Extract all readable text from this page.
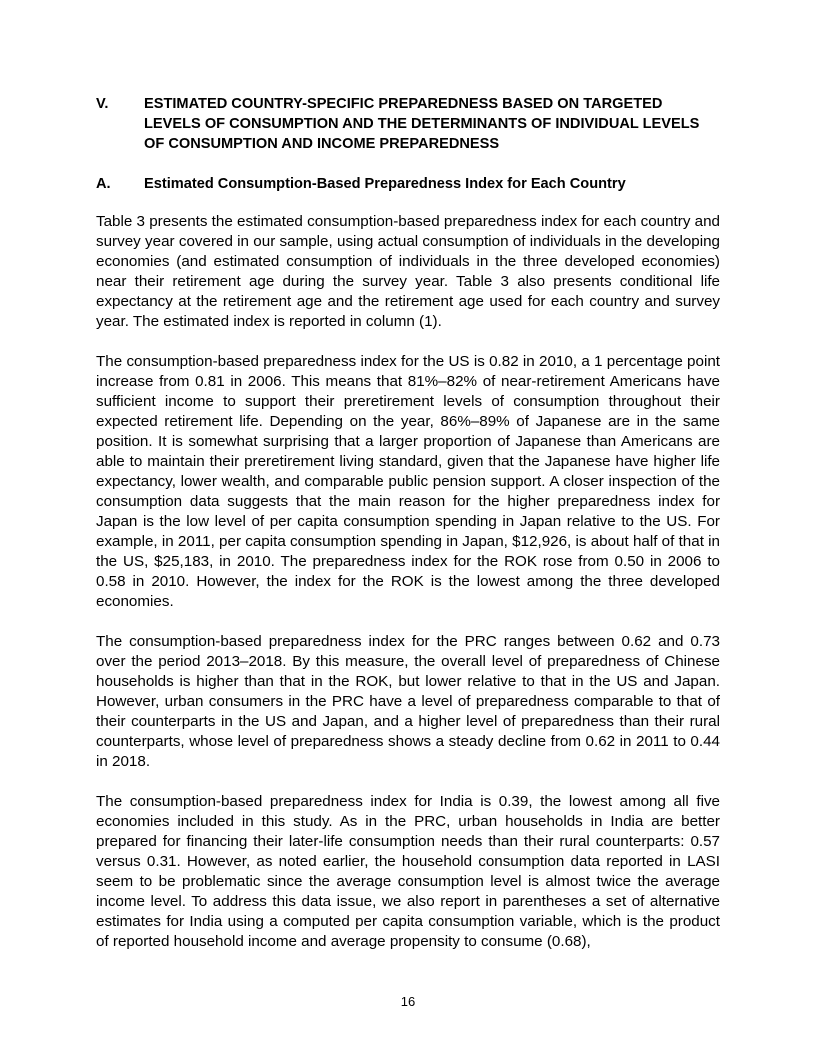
V.	ESTIMATED COUNTRY-SPECIFIC PREPAREDNESS BASED ON TARGETED LEVELS OF CONSUMPTION AND THE DETERMINANTS OF INDIVIDUAL LEVELS OF CONSUMPTION AND INCOME PREPAREDNESS
A.	Estimated Consumption-Based Preparedness Index for Each Country

Table 3 presents the estimated consumption-based preparedness index for each country and survey year covered in our sample, using actual consumption of individuals in the developing economies (and estimated consumption of individuals in the three developed economies) near their retirement age during the survey year. Table 3 also presents conditional life expectancy at the retirement age and the retirement age used for each country and survey year. The estimated index is reported in column (1).

The consumption-based preparedness index for the US is 0.82 in 2010, a 1 percentage point increase from 0.81 in 2006. This means that 81%–82% of near-retirement Americans have sufficient income to support their preretirement levels of consumption throughout their expected retirement life. Depending on the year, 86%–89% of Japanese are in the same position. It is somewhat surprising that a larger proportion of Japanese than Americans are able to maintain their preretirement living standard, given that the Japanese have higher life expectancy, lower wealth, and comparable public pension support. A closer inspection of the consumption data suggests that the main reason for the higher preparedness index for Japan is the low level of per capita consumption spending in Japan relative to the US. For example, in 2011, per capita consumption spending in Japan, $12,926, is about half of that in the US, $25,183, in 2010. The preparedness index for the ROK rose from 0.50 in 2006 to 0.58 in 2010. However, the index for the ROK is the lowest among the three developed economies.

The consumption-based preparedness index for the PRC ranges between 0.62 and 0.73 over the period 2013–2018. By this measure, the overall level of preparedness of Chinese households is higher than that in the ROK, but lower relative to that in the US and Japan. However, urban consumers in the PRC have a level of preparedness comparable to that of their counterparts in the US and Japan, and a higher level of preparedness than their rural counterparts, whose level of preparedness shows a steady decline from 0.62 in 2011 to 0.44 in 2018.

The consumption-based preparedness index for India is 0.39, the lowest among all five economies included in this study. As in the PRC, urban households in India are better prepared for financing their later-life consumption needs than their rural counterparts: 0.57 versus 0.31. However, as noted earlier, the household consumption data reported in LASI seem to be problematic since the average consumption level is almost twice the average income level. To address this data issue, we also report in parentheses a set of alternative estimates for India using a computed per capita consumption variable, which is the product of reported household income and average propensity to consume (0.68),

16
